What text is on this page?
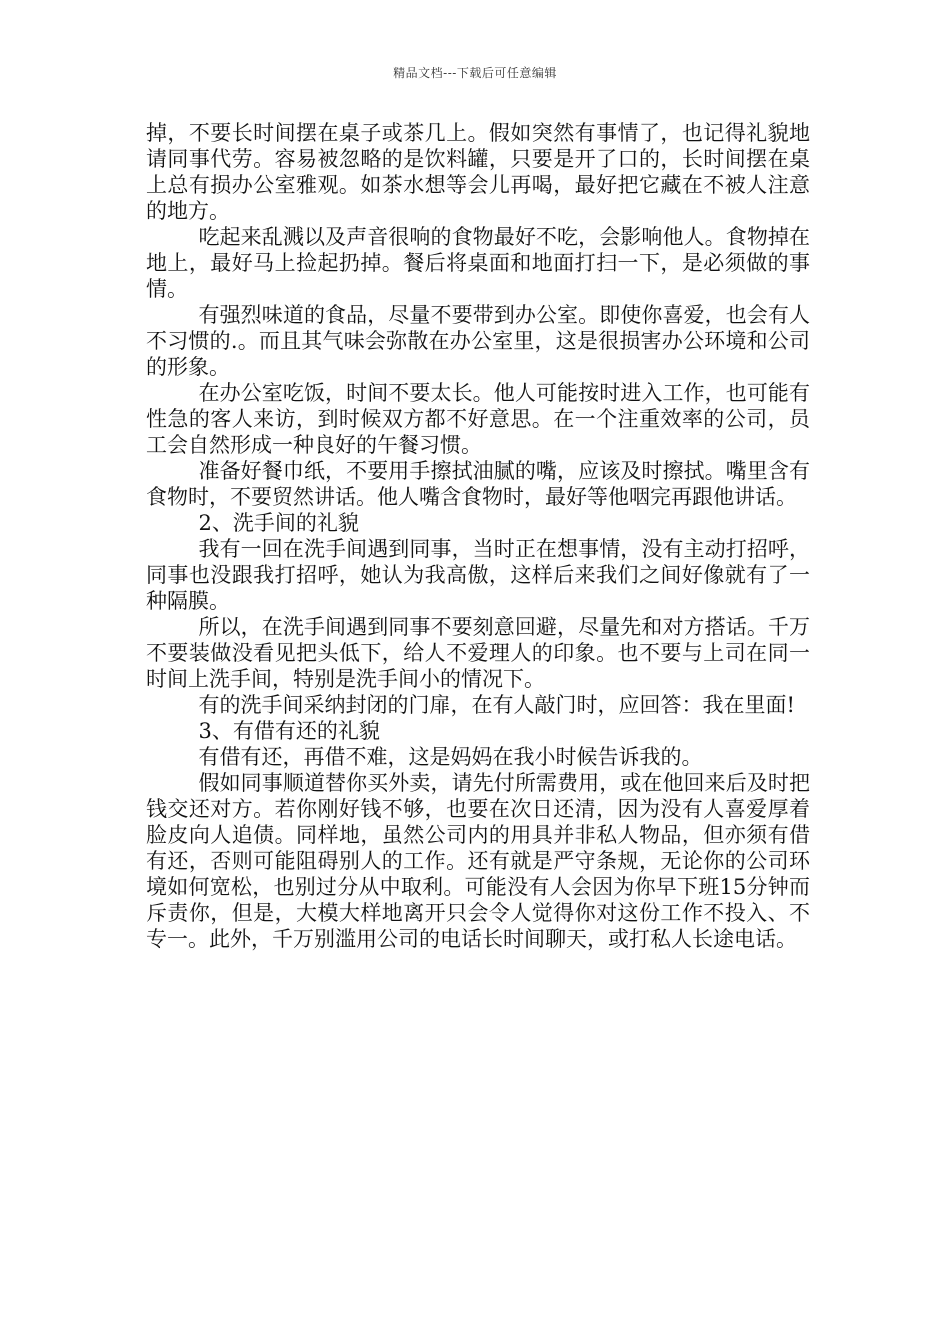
精品文档---下载后可任意编辑

掉，不要长时间摆在桌子或茶几上。假如突然有事情了，也记得礼貌地请同事代劳。容易被忽略的是饮料罐，只要是开了口的，长时间摆在桌上总有损办公室雅观。如茶水想等会儿再喝，最好把它藏在不被人注意的地方。

吃起来乱溅以及声音很响的食物最好不吃，会影响他人。食物掉在地上，最好马上捡起扔掉。餐后将桌面和地面打扫一下，是必须做的事情。

有强烈味道的食品，尽量不要带到办公室。即使你喜爱，也会有人不习惯的.。而且其气味会弥散在办公室里，这是很损害办公环境和公司的形象。

在办公室吃饭，时间不要太长。他人可能按时进入工作，也可能有性急的客人来访，到时候双方都不好意思。在一个注重效率的公司，员工会自然形成一种良好的午餐习惯。

准备好餐巾纸，不要用手擦拭油腻的嘴，应该及时擦拭。嘴里含有食物时，不要贸然讲话。他人嘴含食物时，最好等他咽完再跟他讲话。

2、洗手间的礼貌

我有一回在洗手间遇到同事，当时正在想事情，没有主动打招呼，同事也没跟我打招呼，她认为我高傲，这样后来我们之间好像就有了一种隔膜。

所以，在洗手间遇到同事不要刻意回避，尽量先和对方搭话。千万不要装做没看见把头低下，给人不爱理人的印象。也不要与上司在同一时间上洗手间，特别是洗手间小的情况下。

有的洗手间采纳封闭的门扉，在有人敲门时，应回答：我在里面!

3、有借有还的礼貌

有借有还，再借不难，这是妈妈在我小时候告诉我的。

假如同事顺道替你买外卖，请先付所需费用，或在他回来后及时把钱交还对方。若你刚好钱不够，也要在次日还清，因为没有人喜爱厚着脸皮向人追债。同样地，虽然公司内的用具并非私人物品，但亦须有借有还，否则可能阻碍别人的工作。还有就是严守条规，无论你的公司环境如何宽松，也别过分从中取利。可能没有人会因为你早下班15分钟而斥责你，但是，大模大样地离开只会令人觉得你对这份工作不投入、不专一。此外，千万别滥用公司的电话长时间聊天，或打私人长途电话。
